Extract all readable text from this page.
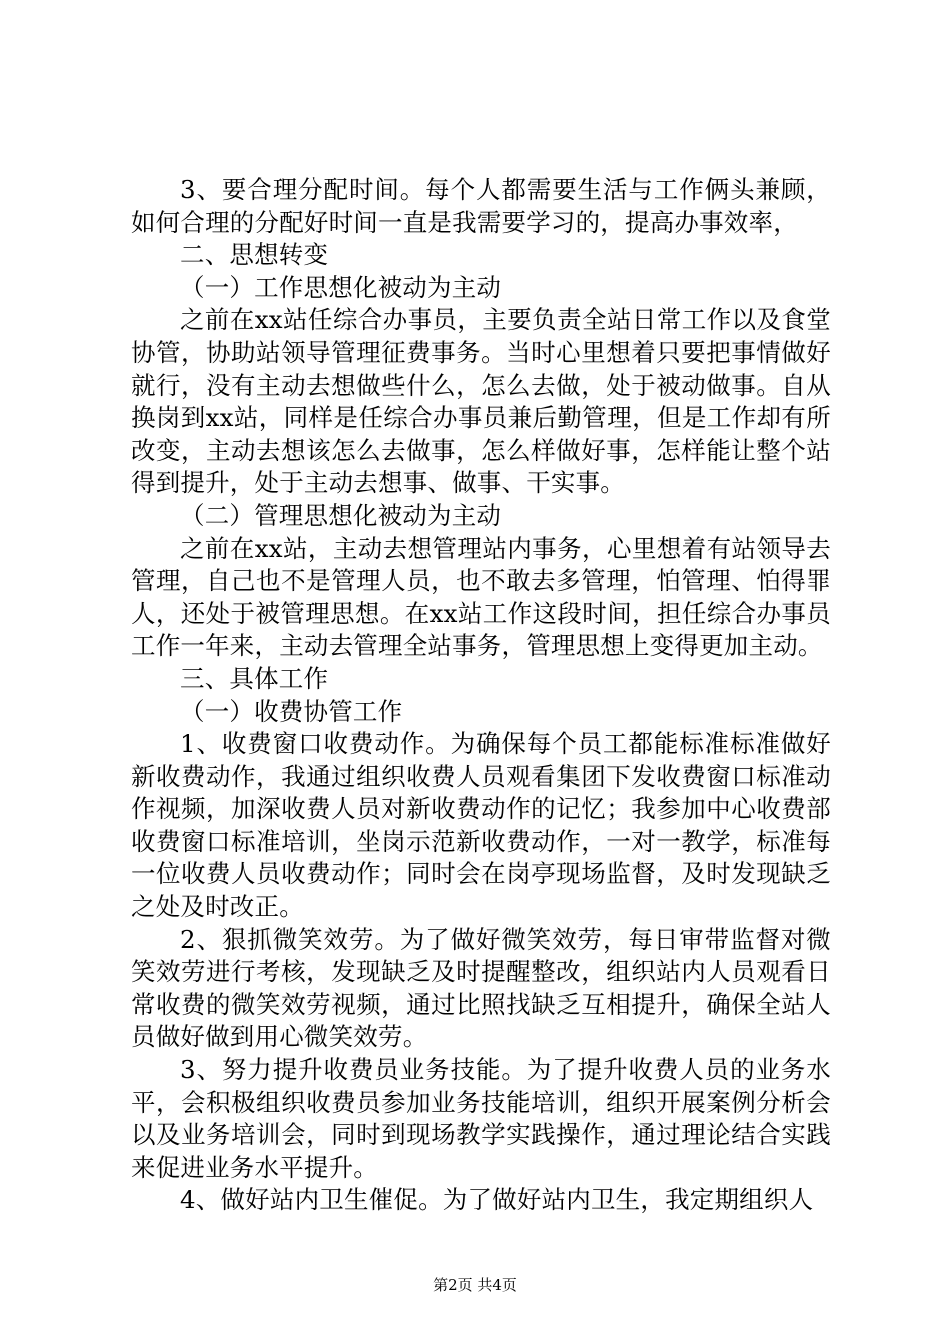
3、要合理分配时间。每个人都需要生活与工作俩头兼顾，如何合理的分配好时间一直是我需要学习的，提高办事效率，

二、思想转变

（一）工作思想化被动为主动

之前在xx站任综合办事员，主要负责全站日常工作以及食堂协管，协助站领导管理征费事务。当时心里想着只要把事情做好就行，没有主动去想做些什么，怎么去做，处于被动做事。自从换岗到xx站，同样是任综合办事员兼后勤管理，但是工作却有所改变，主动去想该怎么去做事，怎么样做好事，怎样能让整个站得到提升，处于主动去想事、做事、干实事。

（二）管理思想化被动为主动

之前在xx站，主动去想管理站内事务，心里想着有站领导去管理，自己也不是管理人员，也不敢去多管理，怕管理、怕得罪人，还处于被管理思想。在xx站工作这段时间，担任综合办事员工作一年来，主动去管理全站事务，管理思想上变得更加主动。

三、具体工作

（一）收费协管工作

1、收费窗口收费动作。为确保每个员工都能标准标准做好新收费动作，我通过组织收费人员观看集团下发收费窗口标准动作视频，加深收费人员对新收费动作的记忆；我参加中心收费部收费窗口标准培训，坐岗示范新收费动作，一对一教学，标准每一位收费人员收费动作；同时会在岗亭现场监督，及时发现缺乏之处及时改正。

2、狠抓微笑效劳。为了做好微笑效劳，每日审带监督对微笑效劳进行考核，发现缺乏及时提醒整改，组织站内人员观看日常收费的微笑效劳视频，通过比照找缺乏互相提升，确保全站人员做好做到用心微笑效劳。

3、努力提升收费员业务技能。为了提升收费人员的业务水平，会积极组织收费员参加业务技能培训，组织开展案例分析会以及业务培训会，同时到现场教学实践操作，通过理论结合实践来促进业务水平提升。

4、做好站内卫生催促。为了做好站内卫生，我定期组织人

第2页 共4页
